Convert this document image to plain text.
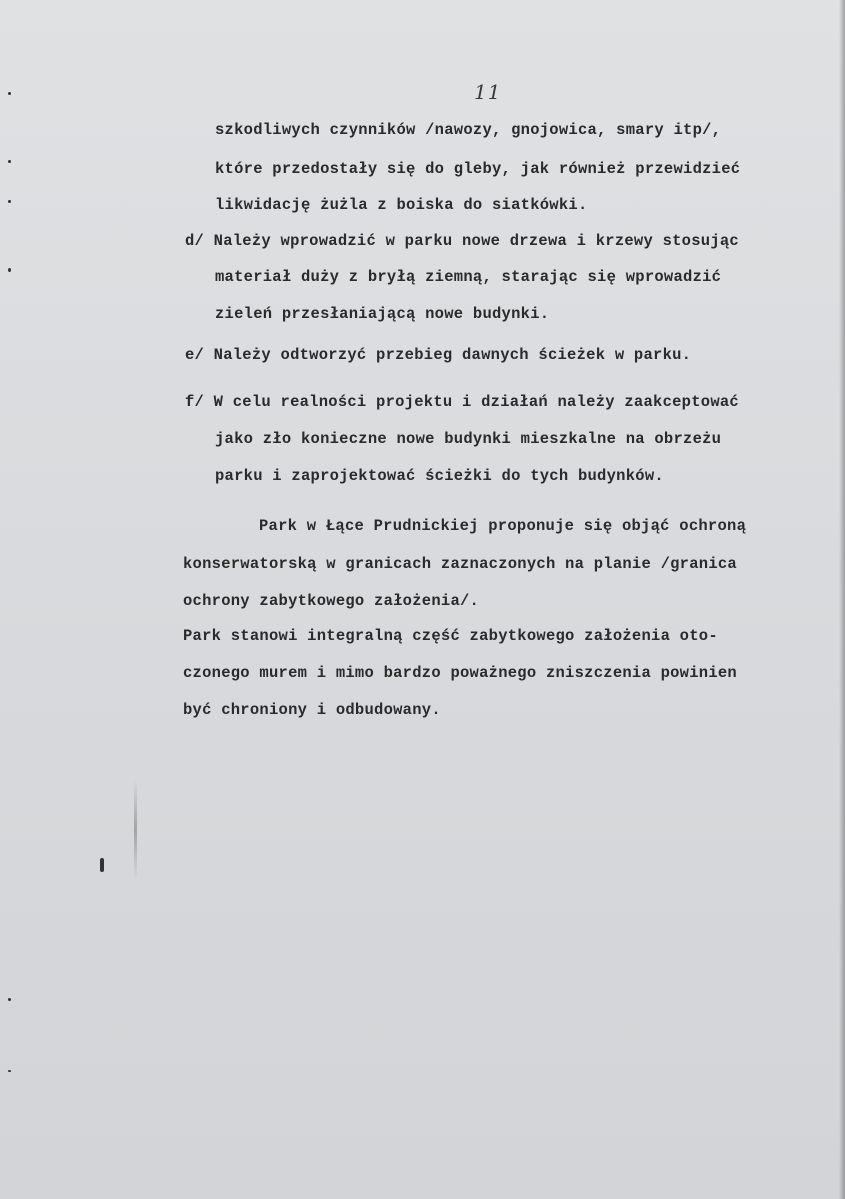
11
szkodliwych czynników /nawozy, gnojowica, smary itp/,
które przedostały się do gleby, jak również przewidzieć
likwidację żużla z boiska do siatkówki.
d/ Należy wprowadzić w parku nowe drzewa i krzewy stosując
materiał duży z bryłą ziemną, starając się wprowadzić
zieleń przesłaniającą nowe budynki.
e/ Należy odtworzyć przebieg dawnych ścieżek w parku.
f/ W celu realności projektu i działań należy zaakceptować
jako zło konieczne nowe budynki mieszkalne na obrzeżu
parku i zaprojektować ścieżki do tych budynków.
Park w Łące Prudnickiej proponuje się objąć ochroną
konserwatorską w granicach zaznaczonych na planie /granica
ochrony zabytkowego założenia/.
Park stanowi integralną część zabytkowego założenia oto-
czonego murem i mimo bardzo poważnego zniszczenia powinien
być chroniony i odbudowany.
